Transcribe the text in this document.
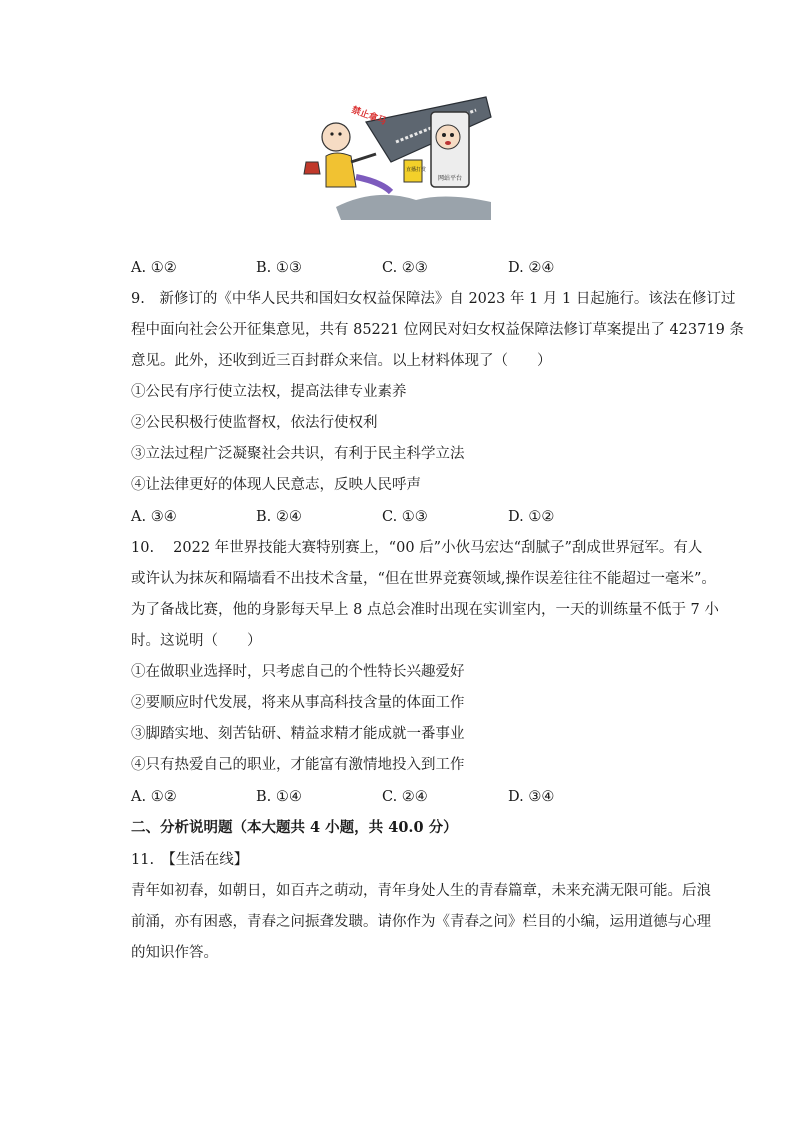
网站平台
直播打赏
禁止拿马
A. ①②	B. ①③	C. ②③	D. ②④
9.　新修订的《中华人民共和国妇女权益保障法》自 2023 年 1 月 1 日起施行。该法在修订过
程中面向社会公开征集意见，共有 85221 位网民对妇女权益保障法修订草案提出了 423719 条
意见。此外，还收到近三百封群众来信。以上材料体现了（　　）
①公民有序行使立法权，提高法律专业素养
②公民积极行使监督权，依法行使权利
③立法过程广泛凝聚社会共识，有利于民主科学立法
④让法律更好的体现人民意志，反映人民呼声
A. ③④	B. ②④	C. ①③	D. ①②
10.　 2022 年世界技能大赛特别赛上，“00 后”小伙马宏达“刮腻子”刮成世界冠军。有人
或许认为抹灰和隔墙看不出技术含量，“但在世界竞赛领域,操作误差往往不能超过一毫米”。
为了备战比赛，他的身影每天早上 8 点总会准时出现在实训室内，一天的训练量不低于 7 小
时。这说明（　　）
①在做职业选择时，只考虑自己的个性特长兴趣爱好
②要顺应时代发展，将来从事高科技含量的体面工作
③脚踏实地、刻苦钻研、精益求精才能成就一番事业
④只有热爱自己的职业，才能富有激情地投入到工作
A. ①②	B. ①④	C. ②④	D. ③④
二、分析说明题（本大题共 4 小题，共 40.0 分）
11.　【生活在线】
青年如初春，如朝日，如百卉之萌动，青年身处人生的青春篇章，未来充满无限可能。后浪
前涌，亦有困惑，青春之问振聋发聩。请你作为《青春之问》栏目的小编，运用道德与心理
的知识作答。
